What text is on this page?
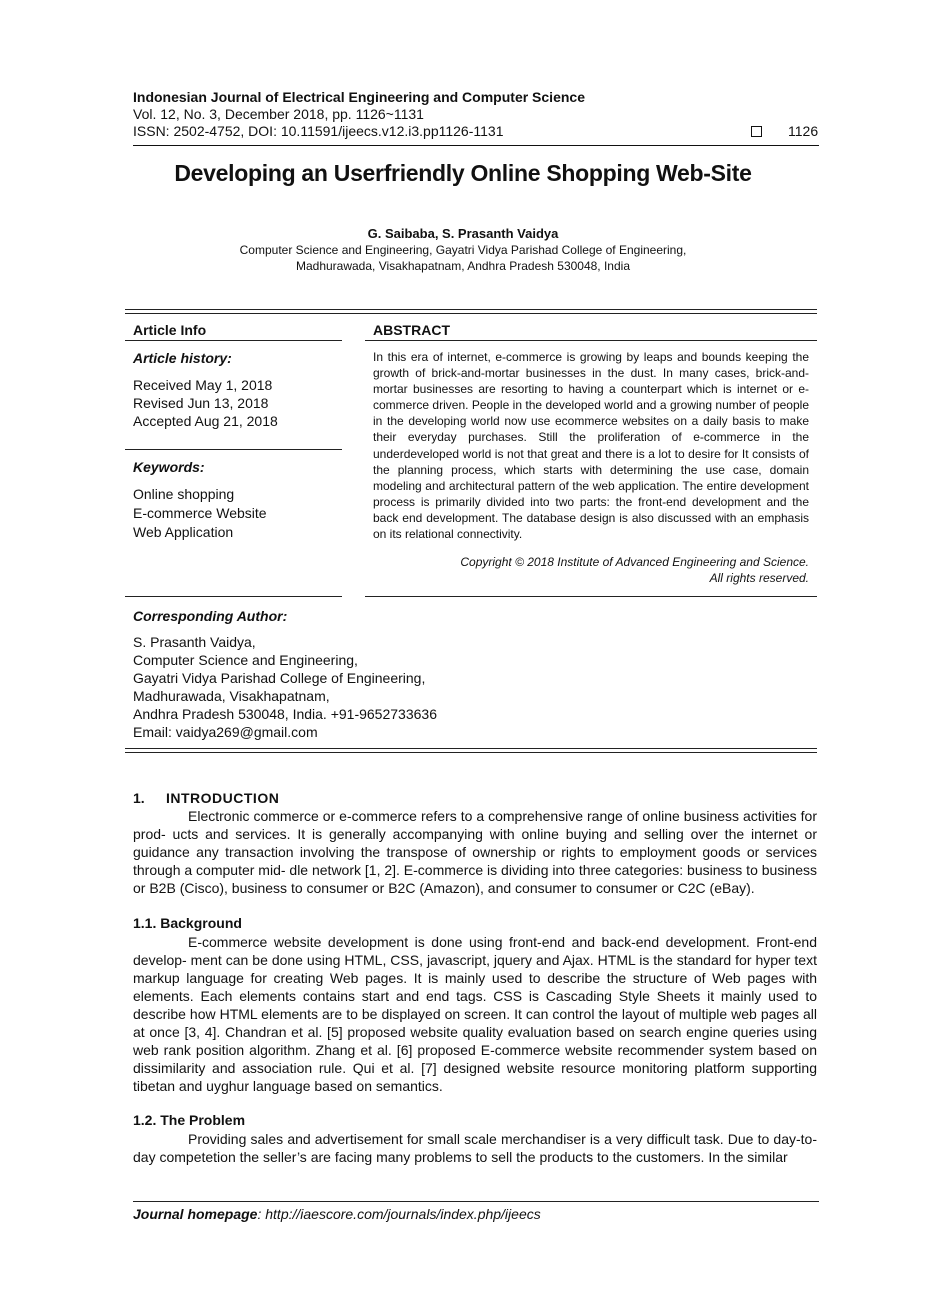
Indonesian Journal of Electrical Engineering and Computer Science
Vol. 12, No. 3, December 2018, pp. 1126~1131
ISSN: 2502-4752, DOI: 10.11591/ijeecs.v12.i3.pp1126-1131	1126
Developing an Userfriendly Online Shopping Web-Site
G. Saibaba, S. Prasanth Vaidya
Computer Science and Engineering, Gayatri Vidya Parishad College of Engineering,
Madhurawada, Visakhapatnam, Andhra Pradesh 530048, India
Article Info
Article history:
Received May 1, 2018
Revised Jun 13, 2018
Accepted Aug 21, 2018
Keywords:
Online shopping
E-commerce Website
Web Application
ABSTRACT

In this era of internet, e-commerce is growing by leaps and bounds keeping the growth of brick-and-mortar businesses in the dust. In many cases, brick-and-mortar businesses are resorting to having a counterpart which is internet or e-commerce driven. People in the developed world and a growing number of people in the developing world now use ecommerce websites on a daily basis to make their everyday purchases. Still the proliferation of e-commerce in the underdeveloped world is not that great and there is a lot to desire for It consists of the planning process, which starts with determining the use case, domain modeling and architectural pattern of the web application. The entire development process is primarily divided into two parts: the front-end development and the back end development. The database design is also discussed with an emphasis on its relational connectivity.

Copyright © 2018 Institute of Advanced Engineering and Science.
All rights reserved.
Corresponding Author:
S. Prasanth Vaidya,
Computer Science and Engineering,
Gayatri Vidya Parishad College of Engineering,
Madhurawada, Visakhapatnam,
Andhra Pradesh 530048, India. +91-9652733636
Email: vaidya269@gmail.com
1. INTRODUCTION

Electronic commerce or e-commerce refers to a comprehensive range of online business activities for prod- ucts and services. It is generally accompanying with online buying and selling over the internet or guidance any transaction involving the transpose of ownership or rights to employment goods or services through a computer mid- dle network [1, 2]. E-commerce is dividing into three categories: business to business or B2B (Cisco), business to consumer or B2C (Amazon), and consumer to consumer or C2C (eBay).

1.1. Background

E-commerce website development is done using front-end and back-end development. Front-end develop- ment can be done using HTML, CSS, javascript, jquery and Ajax. HTML is the standard for hyper text markup language for creating Web pages. It is mainly used to describe the structure of Web pages with elements. Each elements contains start and end tags. CSS is Cascading Style Sheets it mainly used to describe how HTML elements are to be displayed on screen. It can control the layout of multiple web pages all at once [3, 4]. Chandran et al. [5] proposed website quality evaluation based on search engine queries using web rank position algorithm. Zhang et al. [6] proposed E-commerce website recommender system based on dissimilarity and association rule. Qui et al. [7] designed website resource monitoring platform supporting tibetan and uyghur language based on semantics.

1.2. The Problem

Providing sales and advertisement for small scale merchandiser is a very difficult task. Due to day-to-day competetion the seller’s are facing many problems to sell the products to the customers. In the similar

Journal homepage: http://iaescore.com/journals/index.php/ijeecs
